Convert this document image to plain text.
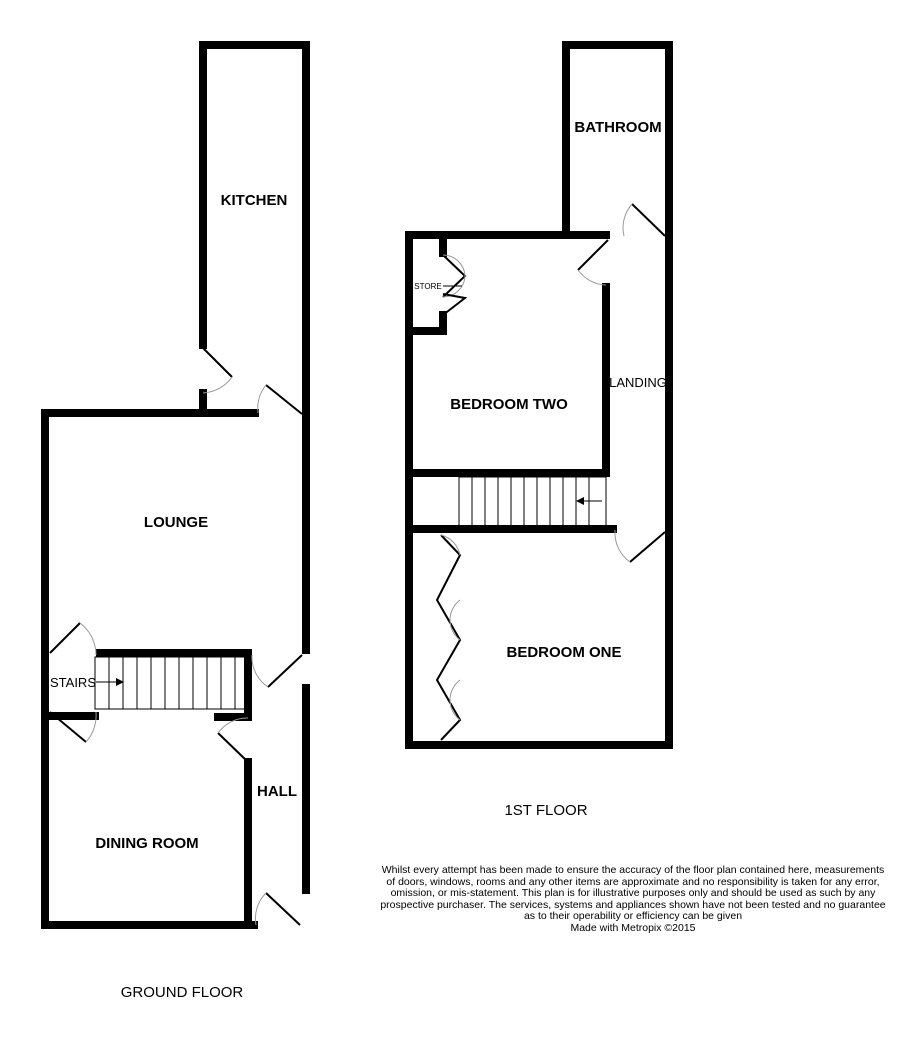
KITCHEN
LOUNGE
STAIRS
HALL
DINING ROOM
GROUND FLOOR
BATHROOM
STORE
BEDROOM TWO
LANDING
BEDROOM ONE
1ST FLOOR
Whilst every attempt has been made to ensure the accuracy of the floor plan contained here, measurements
of doors, windows, rooms and any other items are approximate and no responsibility is taken for any error,
omission, or mis-statement. This plan is for illustrative purposes only and should be used as such by any
prospective purchaser. The services, systems and appliances shown have not been tested and no guarantee
as to their operability or efficiency can be given
Made with Metropix ©2015
